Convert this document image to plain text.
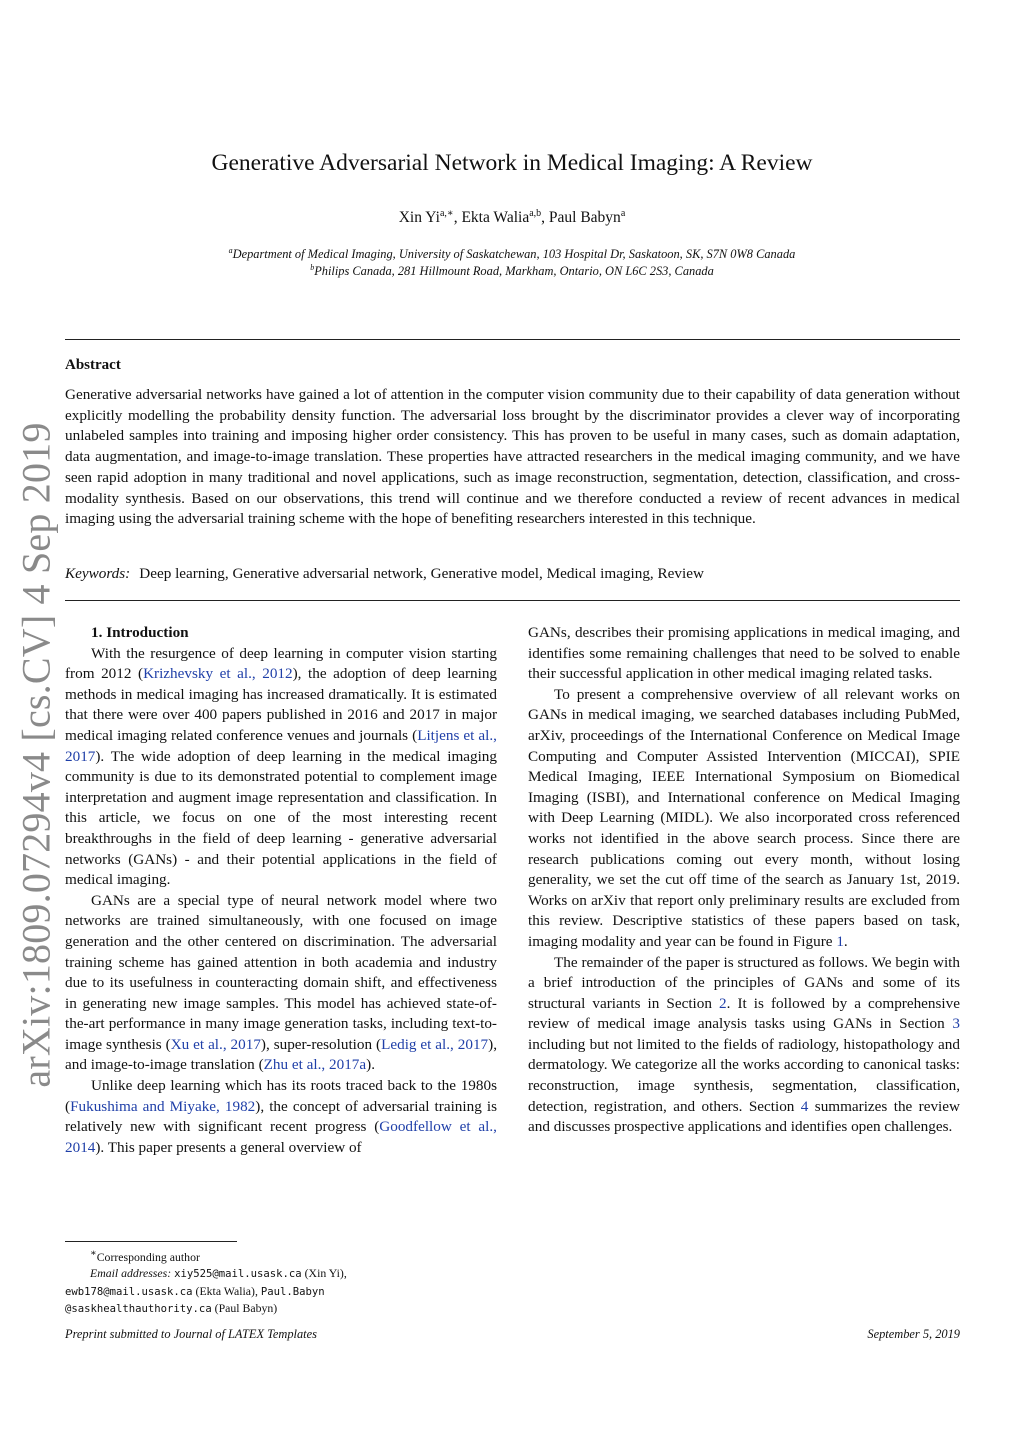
arXiv:1809.07294v4 [cs.CV] 4 Sep 2019
Generative Adversarial Network in Medical Imaging: A Review
Xin $Yi^{a,∗}$, Ekta Walia$^{a,b}$, Paul Babyn$^a$
$^a$Department of Medical Imaging, University of Saskatchewan, 103 Hospital Dr, Saskatoon, SK, S7N 0W8 Canada
$^b$Philips Canada, 281 Hillmount Road, Markham, Ontario, ON L6C 2S3, Canada
Abstract
Generative adversarial networks have gained a lot of attention in the computer vision community due to their capability of data generation without explicitly modelling the probability density function. The adversarial loss brought by the discriminator provides a clever way of incorporating unlabeled samples into training and imposing higher order consistency. This has proven to be useful in many cases, such as domain adaptation, data augmentation, and image-to-image translation. These properties have attracted researchers in the medical imaging community, and we have seen rapid adoption in many traditional and novel applications, such as image reconstruction, segmentation, detection, classification, and cross-modality synthesis. Based on our observations, this trend will continue and we therefore conducted a review of recent advances in medical imaging using the adversarial training scheme with the hope of benefiting researchers interested in this technique.
Keywords: Deep learning, Generative adversarial network, Generative model, Medical imaging, Review

1. Introduction

With the resurgence of deep learning in computer vision starting from 2012 (Krizhevsky et al., 2012), the adoption of deep learning methods in medical imaging has increased dramatically. It is estimated that there were over 400 papers published in 2016 and 2017 in major medical imaging related conference venues and journals (Litjens et al., 2017). The wide adoption of deep learning in the medical imaging community is due to its demonstrated potential to complement image interpretation and augment image representation and classification. In this article, we focus on one of the most interesting recent breakthroughs in the field of deep learning - generative adversarial networks (GANs) - and their potential applications in the field of medical imaging.

GANs are a special type of neural network model where two networks are trained simultaneously, with one focused on image generation and the other centered on discrimination. The adversarial training scheme has gained attention in both academia and industry due to its usefulness in counteracting domain shift, and effectiveness in generating new image samples. This model has achieved state-of-the-art performance in many image generation tasks, including text-to-image synthesis (Xu et al., 2017), super-resolution (Ledig et al., 2017), and image-to-image translation (Zhu et al., 2017a).

Unlike deep learning which has its roots traced back to the 1980s (Fukushima and Miyake, 1982), the concept of adversarial training is relatively new with significant recent progress (Goodfellow et al., 2014). This paper presents a general overview of

GANs, describes their promising applications in medical imaging, and identifies some remaining challenges that need to be solved to enable their successful application in other medical imaging related tasks.

To present a comprehensive overview of all relevant works on GANs in medical imaging, we searched databases including PubMed, arXiv, proceedings of the International Conference on Medical Image Computing and Computer Assisted Intervention (MICCAI), SPIE Medical Imaging, IEEE International Symposium on Biomedical Imaging (ISBI), and International conference on Medical Imaging with Deep Learning (MIDL). We also incorporated cross referenced works not identified in the above search process. Since there are research publications coming out every month, without losing generality, we set the cut off time of the search as January 1st, 2019. Works on arXiv that report only preliminary results are excluded from this review. Descriptive statistics of these papers based on task, imaging modality and year can be found in Figure 1.

The remainder of the paper is structured as follows. We begin with a brief introduction of the principles of GANs and some of its structural variants in Section 2. It is followed by a comprehensive review of medical image analysis tasks using GANs in Section 3 including but not limited to the fields of radiology, histopathology and dermatology. We categorize all the works according to canonical tasks: reconstruction, image synthesis, segmentation, classification, detection, registration, and others. Section 4 summarizes the review and discusses prospective applications and identifies open challenges.

∗Corresponding author
Email addresses: xiy525@mail.usask.ca (Xin Yi),
ewb178@mail.usask.ca (Ekta Walia), Paul.Babyn
@saskhealthauthority.ca (Paul Babyn)
Preprint submitted to Journal of LATEX Templates	September 5, 2019
